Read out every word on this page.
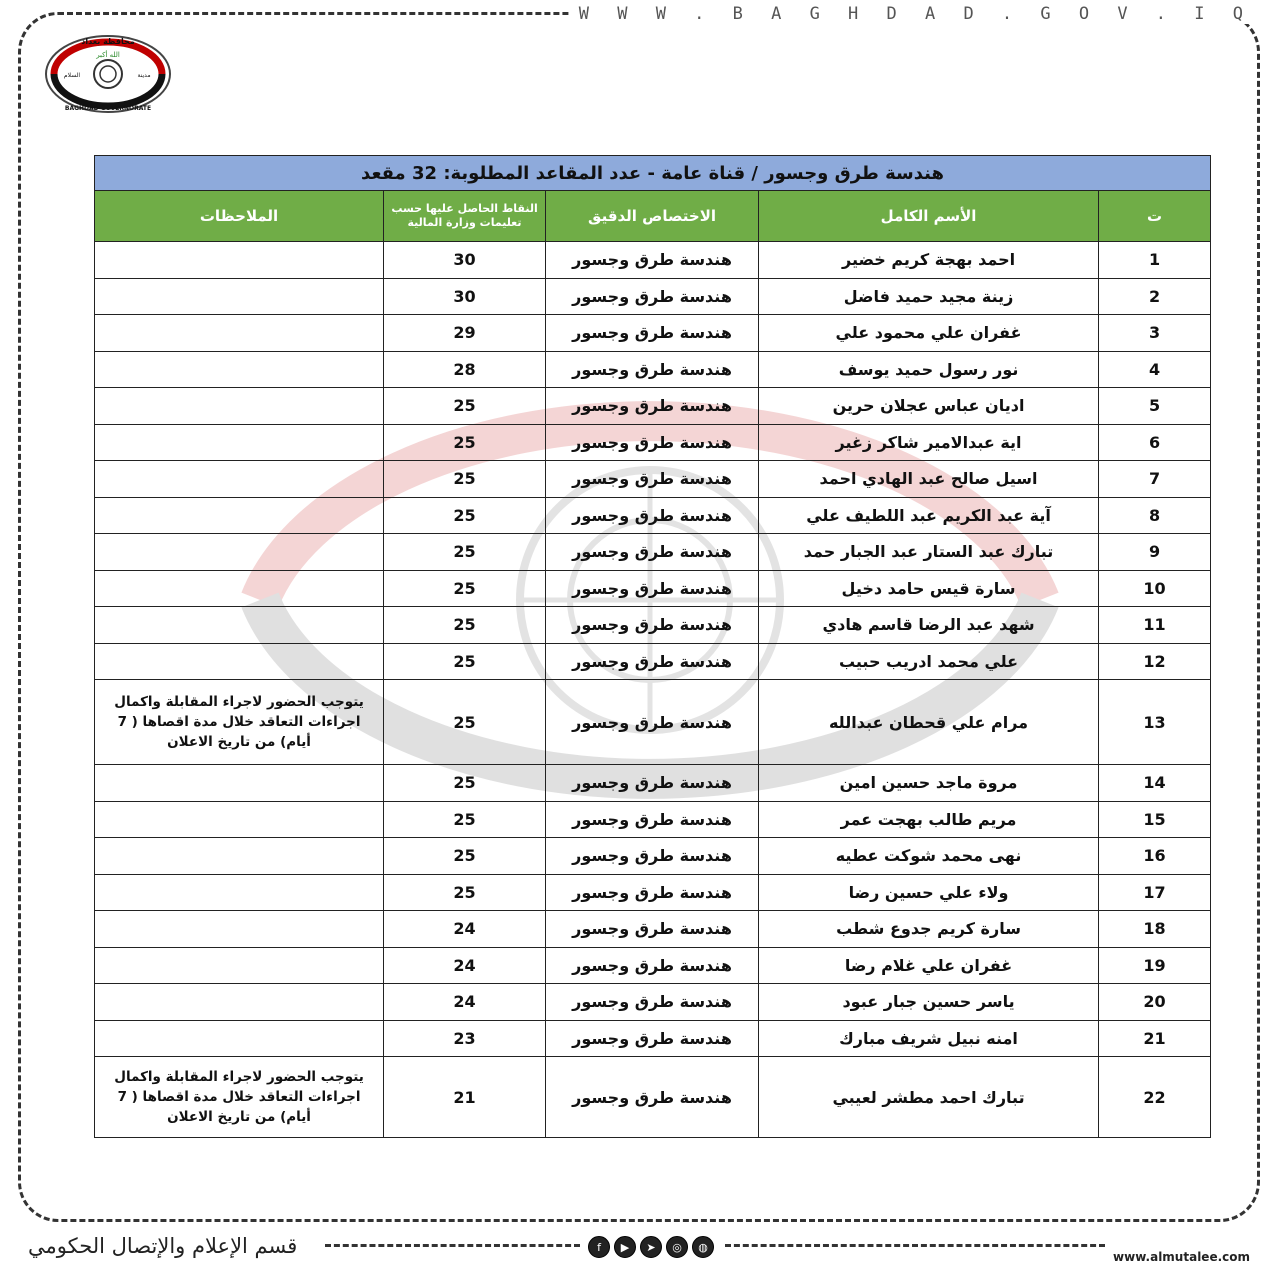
W W W . B A G H D A D . G O V . I Q
محافظة بغداد
الله أكبر
مدينة
السلام
BAGHDAD GOVERNORATE
هندسة طرق وجسور / قناة عامة - عدد المقاعد المطلوبة: 32 مقعد				
ت	الأسم الكامل	الاختصاص الدقيق	النقاط الحاصل عليها حسب تعليمات وزارة المالية	الملاحظات
1	احمد بهجة كريم خضير	هندسة طرق وجسور	30	
2	زينة مجيد حميد فاضل	هندسة طرق وجسور	30	
3	غفران علي محمود علي	هندسة طرق وجسور	29	
4	نور رسول حميد يوسف	هندسة طرق وجسور	28	
5	اديان عباس عجلان حرين	هندسة طرق وجسور	25	
6	اية عبدالامير شاكر زغير	هندسة طرق وجسور	25	
7	اسيل صالح عبد الهادي احمد	هندسة طرق وجسور	25	
8	آية عبد الكريم عبد اللطيف علي	هندسة طرق وجسور	25	
9	تبارك عبد الستار عبد الجبار حمد	هندسة طرق وجسور	25	
10	سارة قيس حامد دخيل	هندسة طرق وجسور	25	
11	شهد عبد الرضا قاسم هادي	هندسة طرق وجسور	25	
12	علي محمد ادريب حبيب	هندسة طرق وجسور	25	
13	مرام علي قحطان عبدالله	هندسة طرق وجسور	25	يتوجب الحضور لاجراء المقابلة واكمال اجراءات التعاقد خلال مدة اقصاها ( 7 أيام) من تاريخ الاعلان
14	مروة ماجد حسين امين	هندسة طرق وجسور	25	
15	مريم طالب بهجت عمر	هندسة طرق وجسور	25	
16	نهى محمد شوكت عطيه	هندسة طرق وجسور	25	
17	ولاء علي حسين رضا	هندسة طرق وجسور	25	
18	سارة كريم جدوع شطب	هندسة طرق وجسور	24	
19	غفران علي غلام رضا	هندسة طرق وجسور	24	
20	ياسر حسين جبار عبود	هندسة طرق وجسور	24	
21	امنه نبيل شريف مبارك	هندسة طرق وجسور	23	
22	تبارك احمد مطشر لعيبي	هندسة طرق وجسور	21	يتوجب الحضور لاجراء المقابلة واكمال اجراءات التعاقد خلال مدة اقصاها ( 7 أيام) من تاريخ الاعلان
قسم الإعلام والإتصال الحكومي	f	▶	➤	◎	◍
www.almutalee.com
